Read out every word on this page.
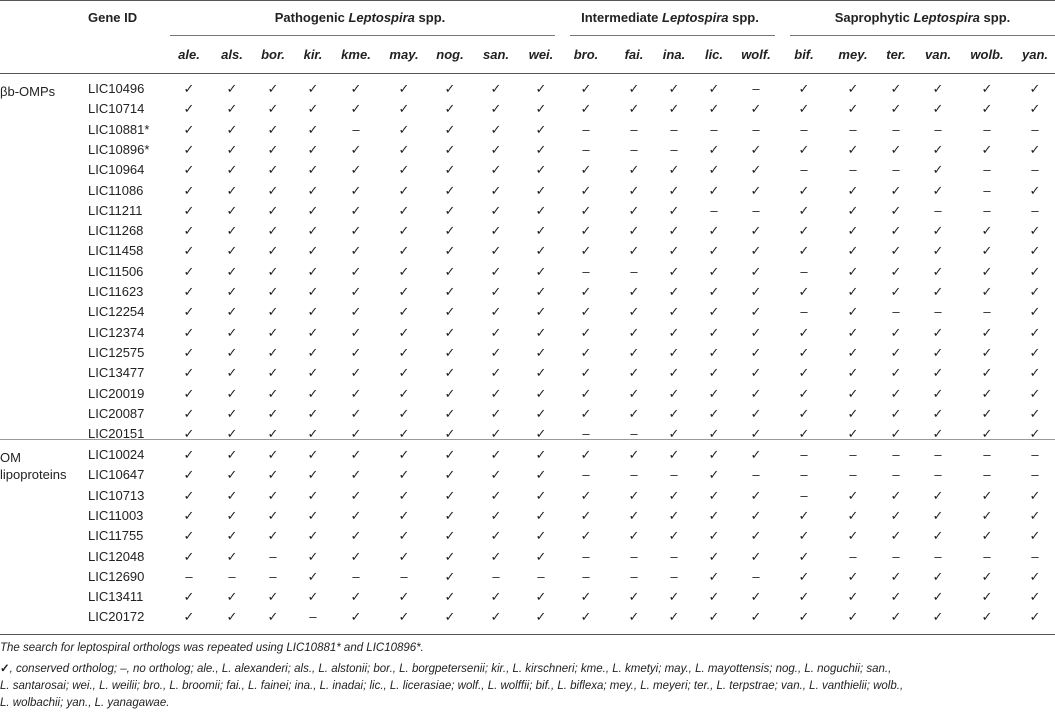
Gene ID	Pathogenic Leptospira spp.	Intermediate Leptospira spp.	Saprophytic Leptospira spp.
ale.	als.	bor.	kir.	kme.	may.	nog.	san.	wei.	bro.	fai.	ina.	lic.	wolf.	bif.	mey.	ter.	van.	wolb.	yan.
βb-OMPs
OM
lipoproteins
LIC10496	✓	✓	✓	✓	✓	✓	✓	✓	✓	✓	✓	✓	✓	–	✓	✓	✓	✓	✓	✓
LIC10714	✓	✓	✓	✓	✓	✓	✓	✓	✓	✓	✓	✓	✓	✓	✓	✓	✓	✓	✓	✓
LIC10881*	✓	✓	✓	✓	–	✓	✓	✓	✓	–	–	–	–	–	–	–	–	–	–	–
LIC10896*	✓	✓	✓	✓	✓	✓	✓	✓	✓	–	–	–	✓	✓	✓	✓	✓	✓	✓	✓
LIC10964	✓	✓	✓	✓	✓	✓	✓	✓	✓	✓	✓	✓	✓	✓	–	–	–	✓	–	–
LIC11086	✓	✓	✓	✓	✓	✓	✓	✓	✓	✓	✓	✓	✓	✓	✓	✓	✓	✓	–	✓
LIC11211	✓	✓	✓	✓	✓	✓	✓	✓	✓	✓	✓	✓	–	–	✓	✓	✓	–	–	–
LIC11268	✓	✓	✓	✓	✓	✓	✓	✓	✓	✓	✓	✓	✓	✓	✓	✓	✓	✓	✓	✓
LIC11458	✓	✓	✓	✓	✓	✓	✓	✓	✓	✓	✓	✓	✓	✓	✓	✓	✓	✓	✓	✓
LIC11506	✓	✓	✓	✓	✓	✓	✓	✓	✓	–	–	✓	✓	✓	–	✓	✓	✓	✓	✓
LIC11623	✓	✓	✓	✓	✓	✓	✓	✓	✓	✓	✓	✓	✓	✓	✓	✓	✓	✓	✓	✓
LIC12254	✓	✓	✓	✓	✓	✓	✓	✓	✓	✓	✓	✓	✓	✓	–	✓	–	–	–	✓
LIC12374	✓	✓	✓	✓	✓	✓	✓	✓	✓	✓	✓	✓	✓	✓	✓	✓	✓	✓	✓	✓
LIC12575	✓	✓	✓	✓	✓	✓	✓	✓	✓	✓	✓	✓	✓	✓	✓	✓	✓	✓	✓	✓
LIC13477	✓	✓	✓	✓	✓	✓	✓	✓	✓	✓	✓	✓	✓	✓	✓	✓	✓	✓	✓	✓
LIC20019	✓	✓	✓	✓	✓	✓	✓	✓	✓	✓	✓	✓	✓	✓	✓	✓	✓	✓	✓	✓
LIC20087	✓	✓	✓	✓	✓	✓	✓	✓	✓	✓	✓	✓	✓	✓	✓	✓	✓	✓	✓	✓
LIC20151	✓	✓	✓	✓	✓	✓	✓	✓	✓	–	–	✓	✓	✓	✓	✓	✓	✓	✓	✓
LIC10024	✓	✓	✓	✓	✓	✓	✓	✓	✓	✓	✓	✓	✓	✓	–	–	–	–	–	–
LIC10647	✓	✓	✓	✓	✓	✓	✓	✓	✓	–	–	–	✓	–	–	–	–	–	–	–
LIC10713	✓	✓	✓	✓	✓	✓	✓	✓	✓	✓	✓	✓	✓	✓	–	✓	✓	✓	✓	✓
LIC11003	✓	✓	✓	✓	✓	✓	✓	✓	✓	✓	✓	✓	✓	✓	✓	✓	✓	✓	✓	✓
LIC11755	✓	✓	✓	✓	✓	✓	✓	✓	✓	✓	✓	✓	✓	✓	✓	✓	✓	✓	✓	✓
LIC12048	✓	✓	–	✓	✓	✓	✓	✓	✓	–	–	–	✓	✓	✓	–	–	–	–	–
LIC12690	–	–	–	✓	–	–	✓	–	–	–	–	–	✓	–	✓	✓	✓	✓	✓	✓
LIC13411	✓	✓	✓	✓	✓	✓	✓	✓	✓	✓	✓	✓	✓	✓	✓	✓	✓	✓	✓	✓
LIC20172	✓	✓	✓	–	✓	✓	✓	✓	✓	✓	✓	✓	✓	✓	✓	✓	✓	✓	✓	✓
The search for leptospiral orthologs was repeated using LIC10881* and LIC10896*.
✓, conserved ortholog; –, no ortholog; ale., L. alexanderi; als., L. alstonii; bor., L. borgpetersenii; kir., L. kirschneri; kme., L. kmetyi; may., L. mayottensis; nog., L. noguchii; san.,
L. santarosai; wei., L. weilii; bro., L. broomii; fai., L. fainei; ina., L. inadai; lic., L. licerasiae; wolf., L. wolffii; bif., L. biflexa; mey., L. meyeri; ter., L. terpstrae; van., L. vanthielii; wolb.,
L. wolbachii; yan., L. yanagawae.
